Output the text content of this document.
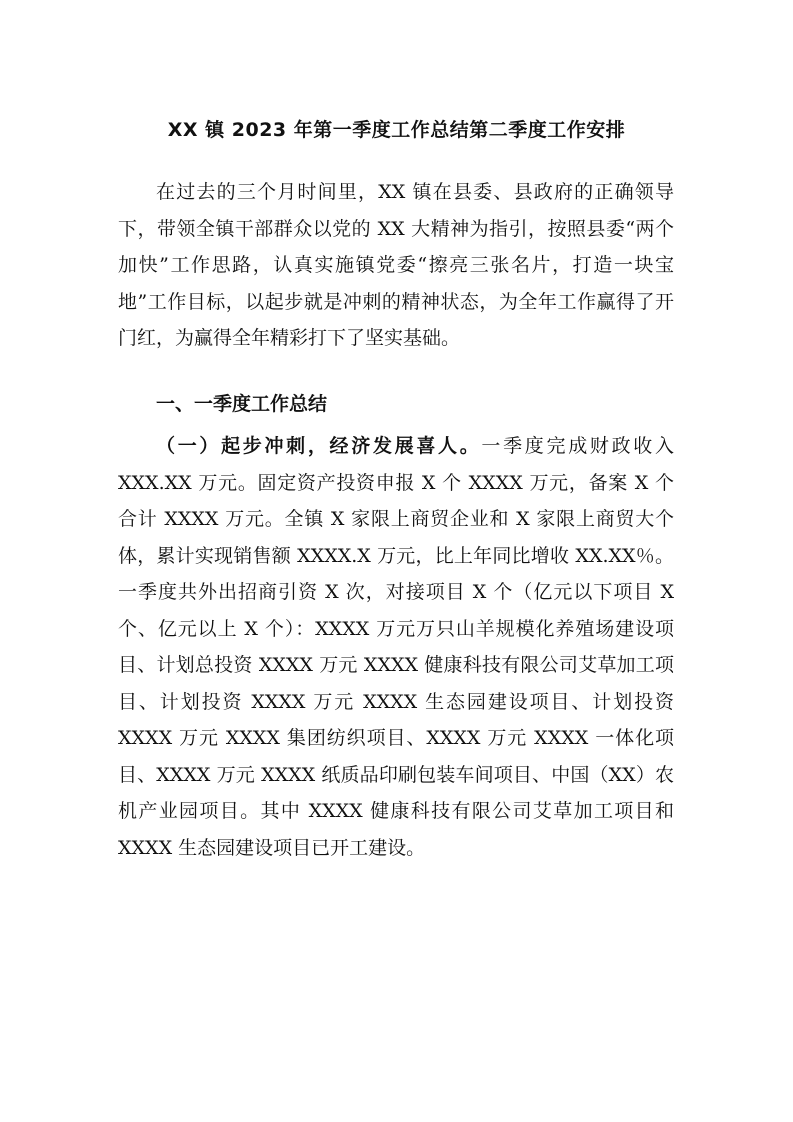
XX 镇 2023 年第一季度工作总结第二季度工作安排

在过去的三个月时间里，XX 镇在县委、县政府的正确领导下，带领全镇干部群众以党的 XX 大精神为指引，按照县委“两个加快”工作思路，认真实施镇党委“擦亮三张名片，打造一块宝地”工作目标，以起步就是冲刺的精神状态，为全年工作赢得了开门红，为赢得全年精彩打下了坚实基础。

一、一季度工作总结

（一）起步冲刺，经济发展喜人。一季度完成财政收入 XXX.XX 万元。固定资产投资申报 X 个 XXXX 万元，备案 X 个合计 XXXX 万元。全镇 X 家限上商贸企业和 X 家限上商贸大个体，累计实现销售额 XXXX.X 万元，比上年同比增收 XX.XX％。一季度共外出招商引资 X 次，对接项目 X 个（亿元以下项目 X 个、亿元以上 X 个）：XXXX 万元万只山羊规模化养殖场建设项目、计划总投资 XXXX 万元 XXXX 健康科技有限公司艾草加工项目、计划投资 XXXX 万元 XXXX 生态园建设项目、计划投资 XXXX 万元 XXXX 集团纺织项目、XXXX 万元 XXXX 一体化项目、XXXX 万元 XXXX 纸质品印刷包装车间项目、中国（XX）农机产业园项目。其中 XXXX 健康科技有限公司艾草加工项目和 XXXX 生态园建设项目已开工建设。
